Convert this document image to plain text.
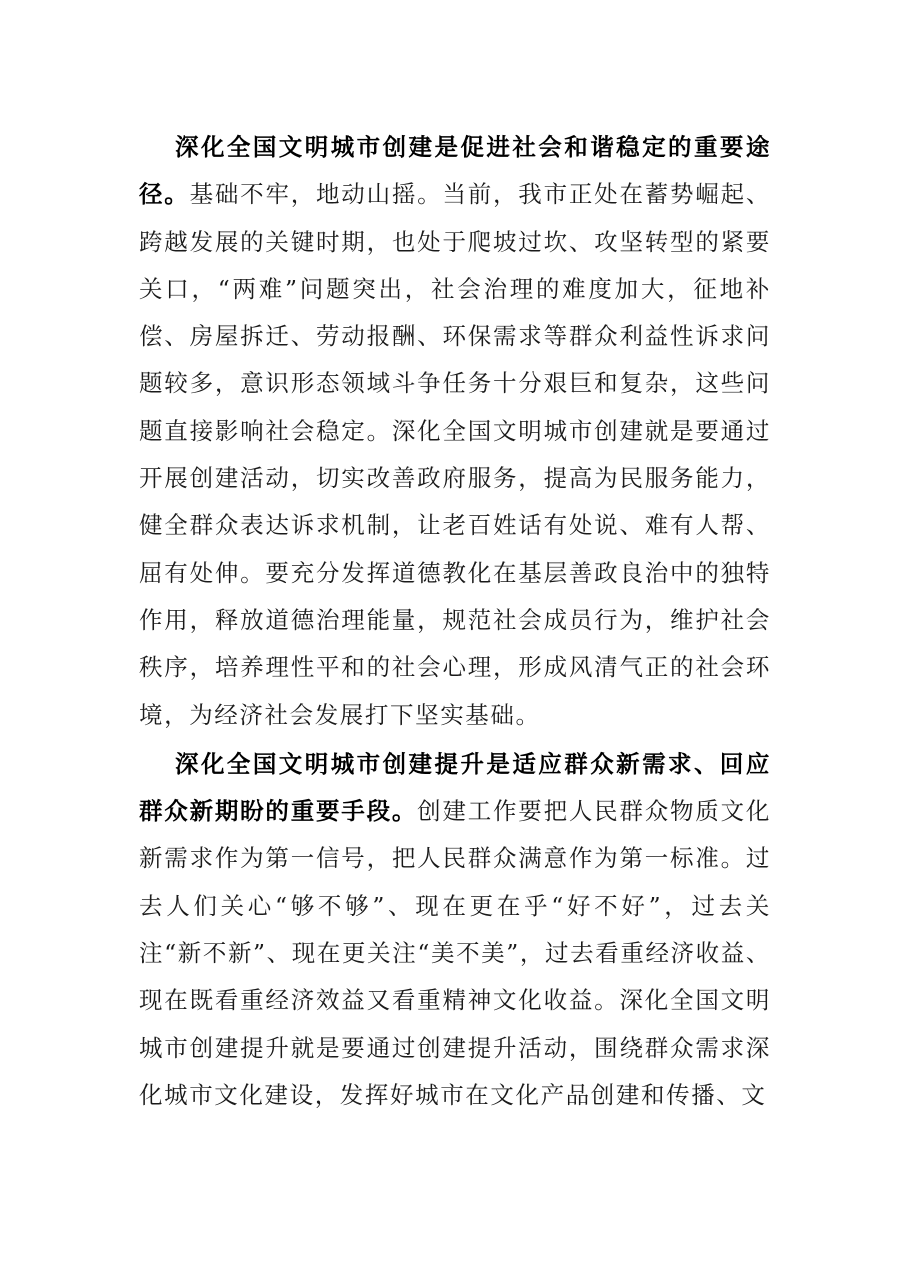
深化全国文明城市创建是促进社会和谐稳定的重要途径。基础不牢，地动山摇。当前，我市正处在蓄势崛起、跨越发展的关键时期，也处于爬坡过坎、攻坚转型的紧要关口，“两难”问题突出，社会治理的难度加大，征地补偿、房屋拆迁、劳动报酬、环保需求等群众利益性诉求问题较多，意识形态领域斗争任务十分艰巨和复杂，这些问题直接影响社会稳定。深化全国文明城市创建就是要通过开展创建活动，切实改善政府服务，提高为民服务能力，健全群众表达诉求机制，让老百姓话有处说、难有人帮、屈有处伸。要充分发挥道德教化在基层善政良治中的独特作用，释放道德治理能量，规范社会成员行为，维护社会秩序，培养理性平和的社会心理，形成风清气正的社会环境，为经济社会发展打下坚实基础。

深化全国文明城市创建提升是适应群众新需求、回应群众新期盼的重要手段。创建工作要把人民群众物质文化新需求作为第一信号，把人民群众满意作为第一标准。过去人们关心“够不够”、现在更在乎“好不好”，过去关注“新不新”、现在更关注“美不美”，过去看重经济收益、现在既看重经济效益又看重精神文化收益。深化全国文明城市创建提升就是要通过创建提升活动，围绕群众需求深化城市文化建设，发挥好城市在文化产品创建和传播、文
